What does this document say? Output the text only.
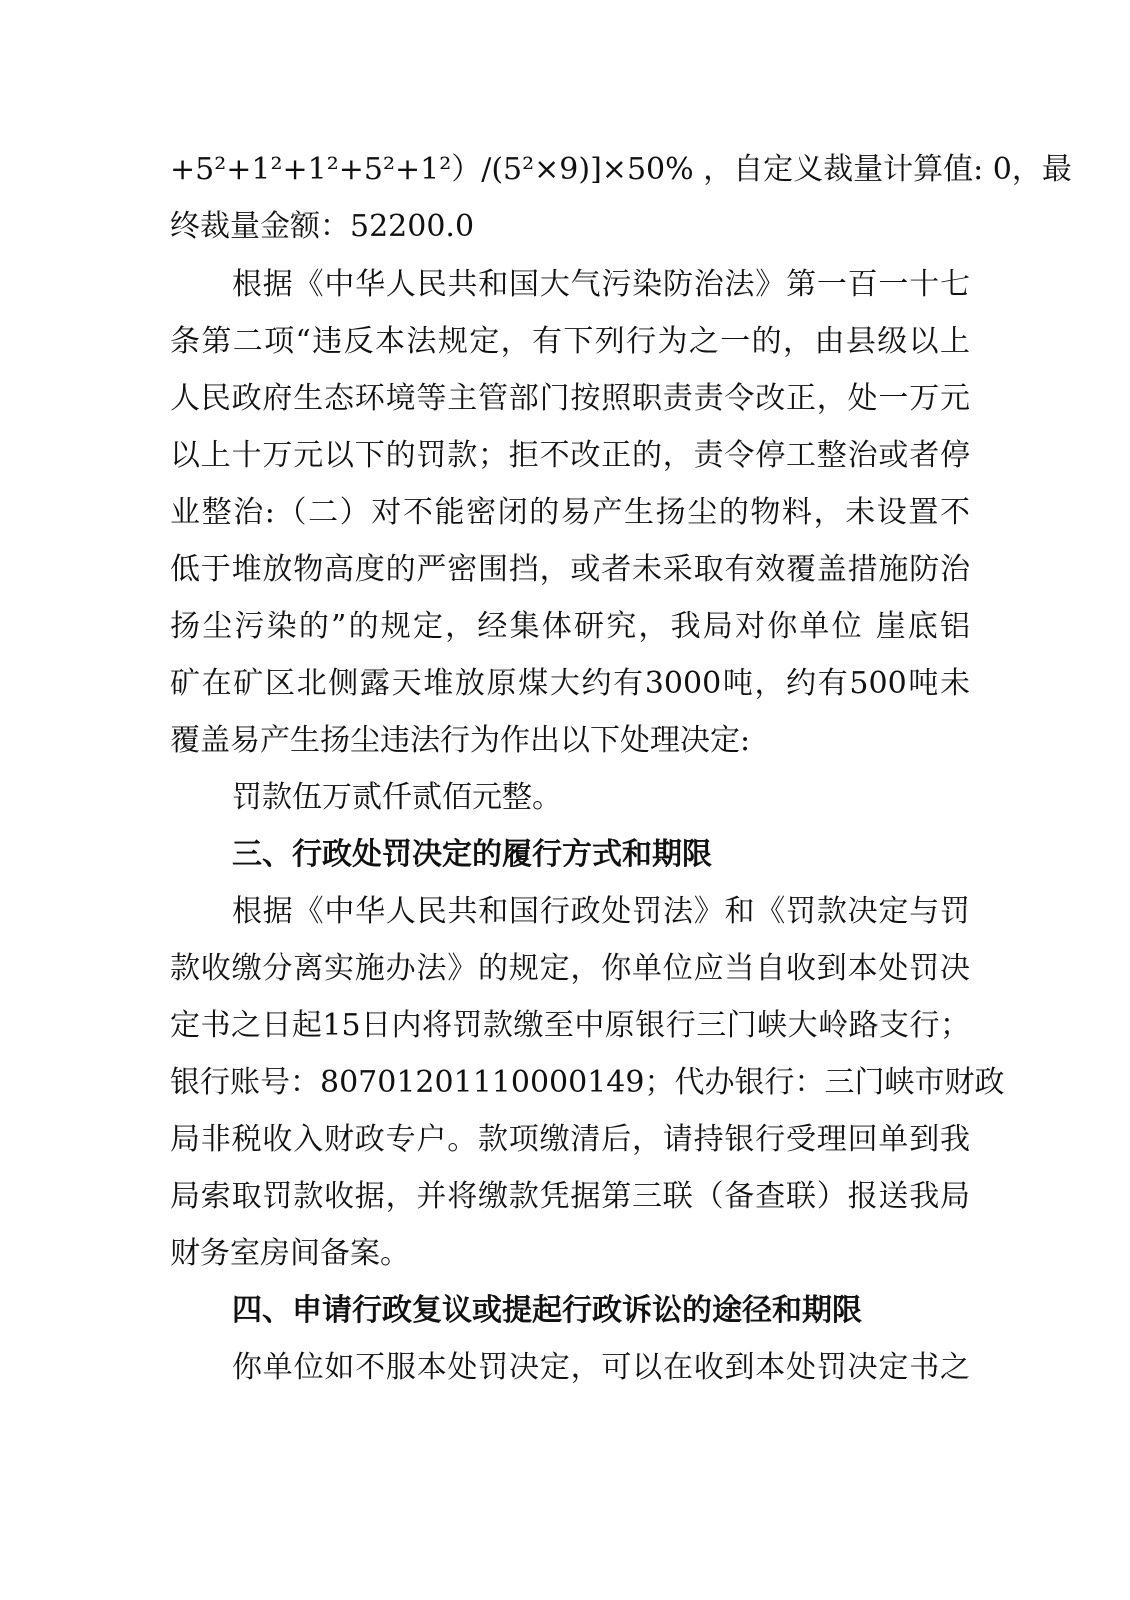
+5²+1²+1²+5²+1²）/(5²×9)]×50% ，自定义裁量计算值: 0，最
终裁量金额：52200.0
根据《中华人民共和国大气污染防治法》第一百一十七
条第二项“违反本法规定，有下列行为之一的，由县级以上
人民政府生态环境等主管部门按照职责责令改正，处一万元
以上十万元以下的罚款；拒不改正的，责令停工整治或者停
业整治:（二）对不能密闭的易产生扬尘的物料，未设置不
低于堆放物高度的严密围挡，或者未采取有效覆盖措施防治
扬尘污染的”的规定，经集体研究，我局对你单位 崖底铝
矿在矿区北侧露天堆放原煤大约有3000吨，约有500吨未
覆盖易产生扬尘违法行为作出以下处理决定:
罚款伍万贰仟贰佰元整。
三、行政处罚决定的履行方式和期限
根据《中华人民共和国行政处罚法》和《罚款决定与罚
款收缴分离实施办法》的规定，你单位应当自收到本处罚决
定书之日起15日内将罚款缴至中原银行三门峡大岭路支行；
银行账号：80701201110000149；代办银行：三门峡市财政
局非税收入财政专户。款项缴清后，请持银行受理回单到我
局索取罚款收据，并将缴款凭据第三联（备查联）报送我局
财务室房间备案。
四、申请行政复议或提起行政诉讼的途径和期限
你单位如不服本处罚决定，可以在收到本处罚决定书之
